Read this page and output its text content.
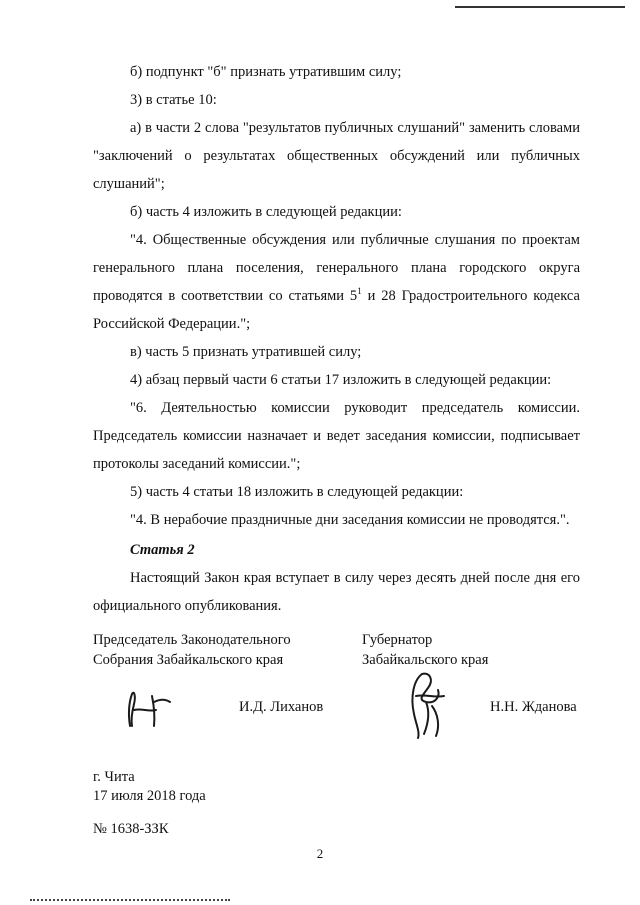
б) подпункт "б" признать утратившим силу;

3) в статье 10:

а) в части 2 слова "результатов публичных слушаний" заменить словами "заключений о результатах общественных обсуждений или публичных слушаний";

б) часть 4 изложить в следующей редакции:

"4. Общественные обсуждения или публичные слушания по проектам генерального плана поселения, генерального плана городского округа проводятся в соответствии со статьями $5^1$ и 28 Градостроительного кодекса Российской Федерации.";

в) часть 5 признать утратившей силу;

4) абзац первый части 6 статьи 17 изложить в следующей редакции:

"6. Деятельностью комиссии руководит председатель комиссии. Председатель комиссии назначает и ведет заседания комиссии, подписывает протоколы заседаний комиссии.";

5) часть 4 статьи 18 изложить в следующей редакции:

"4. В нерабочие праздничные дни заседания комиссии не проводятся.".

Статья 2

Настоящий Закон края вступает в силу через десять дней после дня его официального опубликования.

Председатель Законодательного
Собрания Забайкальского края
Губернатор
Забайкальского края
И.Д. Лиханов	Н.Н. Жданова
г. Чита
17 июля 2018 года
№ 1638-ЗЗК
2
